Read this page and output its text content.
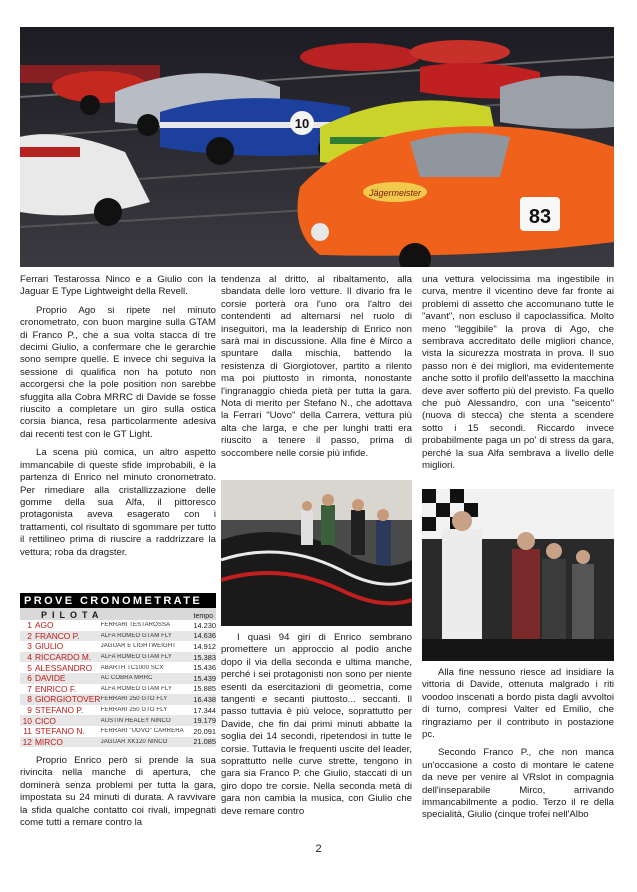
10
Jägermeister
83

Ferrari Testarossa Ninco e a Giulio con la Jaguar E Type Lightweight della Revell.

Proprio Ago si ripete nel minuto cronometrato, con buon margine sulla GTAM di Franco P., che a sua volta stacca di tre decimi Giulio, a confermare che le gerarchie sono sempre quelle. E invece chi seguiva la sessione di qualifica non ha potuto non accorgersi che la pole position non sarebbe sfuggita alla Cobra MRRC di Davide se fosse riuscito a completare un giro sulla ostica corsia bianca, resa particolarmente adesiva dai recenti test con le GT Light.

La scena più comica, un altro aspetto immancabile di queste sfide improbabili, è la partenza di Enrico nel minuto cronometrato. Per rimediare alla cristallizzazione delle gomme della sua Alfa, il pittoresco protagonista aveva esagerato con i trattamenti, col risultato di sgommare per tutto il rettilineo prima di riuscire a raddrizzare la vettura; roba da dragster.

PROVE CRONOMETRATE
PILOTA	tempo
1 AGO	FERRARI TESTAROSSA	14.230
2 FRANCO P.	ALFA ROMEO GTAM FLY	14.636
3 GIULIO	JAGUAR E LIGHTWEIGHT	14.912
4 RICCARDO M.	ALFA ROMEO GTAM FLY	15.383
5 ALESSANDRO	ABARTH TC1000 SCX	15.436
6 DAVIDE	AC COBRA MRRC	15.439
7 ENRICO F.	ALFA ROMEO GTAM FLY	15.885
8 GIORGIOTOVER FERRARI 250 GTO FLY	16.438
9 STEFANO P.	FERRARI 250 GTO FLY	17.344
10 CICO	AUSTIN HEALEY NINCO	19.179
11 STEFANO N.	FERRARI "UOVO" CARRERA	20.091
12 MIRCO	JAGUAR XK120 NINCO	21.085

Proprio Enrico però si prende la sua rivincita nella manche di apertura, che dominerà senza problemi per tutta la gara, impostata su 24 minuti di durata. A ravvivare la sfida qualche contatto coi rivali, impegnati come tutti a remare contro la

tendenza al dritto, al ribaltamento, alla sbandata delle loro vetture. Il divario fra le corsie porterà ora l'uno ora l'altro dei contendenti ad alternarsi nel ruolo di inseguitori, ma la leadership di Enrico non sarà mai in discussione. Alla fine è Mirco a spuntare dalla mischia, battendo la resistenza di Giorgiotover, partito a rilento ma poi piuttosto in rimonta, nonostante l'ingranaggio chieda pietà per tutta la gara. Nota di merito per Stefano N., che adottava la Ferrari "Uovo" della Carrera, vettura più alta che larga, e che per lunghi tratti era riuscito a tenere il passo, prima di soccombere nelle corsie più infide.

I quasi 94 giri di Enrico sembrano promettere un approccio al podio anche dopo il via della seconda e ultima manche, perché i sei protagonisti non sono per niente esenti da esercitazioni di geometria, come tangenti e secanti piuttosto... seccanti. Il passo tuttavia è più veloce, soprattutto per Davide, che fin dai primi minuti abbatte la soglia dei 14 secondi, ripetendosi in tutte le corsie. Tuttavia le frequenti uscite del leader, soprattutto nelle curve strette, tengono in gara sia Franco P. che Giulio, staccati di un giro dopo tre corsie. Nella seconda metà di gara non cambia la musica, con Giulio che deve remare contro

una vettura velocissima ma ingestibile in curva, mentre il vicentino deve far fronte ai problemi di assetto che accomunano tutte le "avant", non escluso il capoclassifica. Molto meno "leggibile" la prova di Ago, che sembrava accreditato delle migliori chance, vista la sicurezza mostrata in prova. Il suo passo non è dei migliori, ma evidentemente anche sotto il profilo dell'assetto la macchina deve aver sofferto più del previsto. Fa quello che può Alessandro, con una "seicento" (nuova di stecca) che stenta a scendere sotto i 15 secondi. Riccardo invece probabilmente paga un po' di stress da gara, perché la sua Alfa sembrava a livello delle migliori.

Alla fine nessuno riesce ad insidiare la vittoria di Davide, ottenuta malgrado i riti voodoo inscenati a bordo pista dagli avvoltoi di turno, compresi Valter ed Emilio, che ringraziamo per il contributo in postazione pc.

Secondo Franco P., che non manca un'occasione a costo di montare le catene da neve per venire al VRslot in compagnia dell'inseparabile Mirco, arrivando immancabilmente a podio. Terzo il re della specialità, Giulio (cinque trofei nell'Albo

2
